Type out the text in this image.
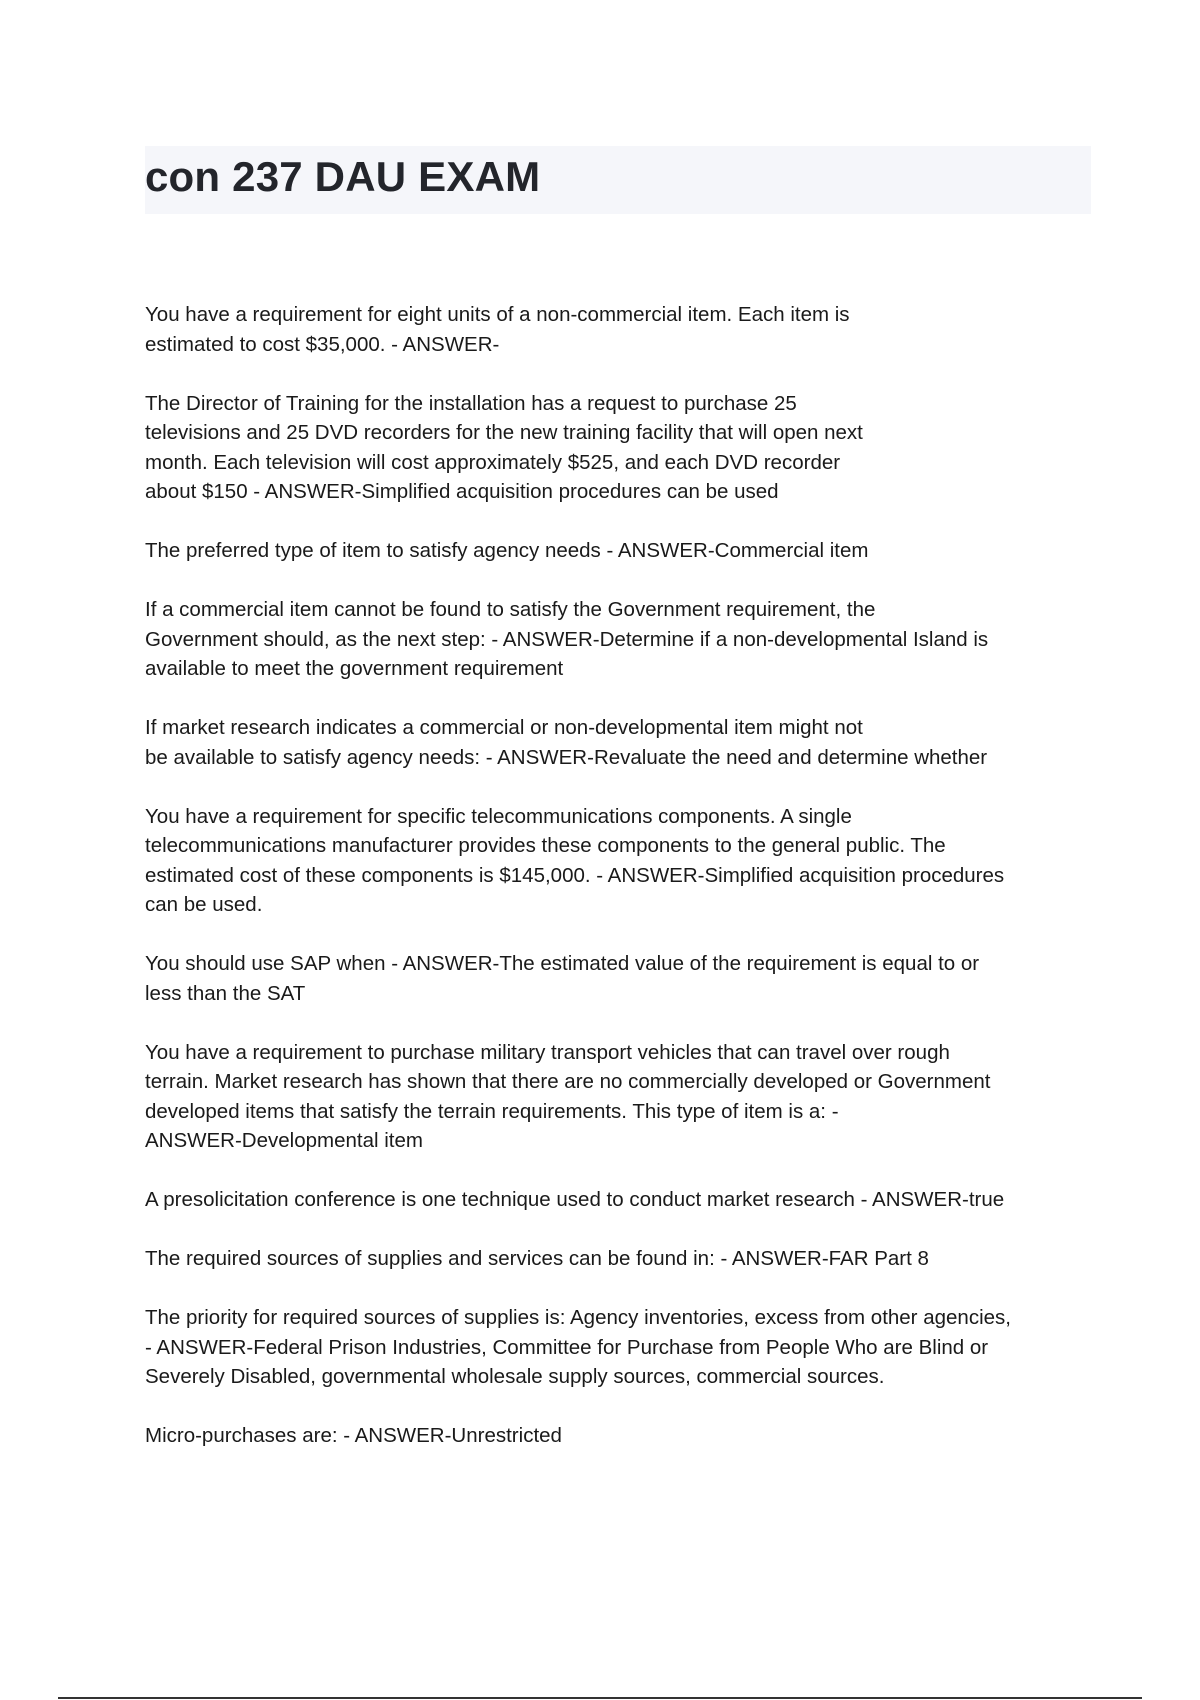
con 237 DAU EXAM
You have a requirement for eight units of a non-commercial item. Each item is
estimated to cost $35,000. - ANSWER-
The Director of Training for the installation has a request to purchase 25
televisions and 25 DVD recorders for the new training facility that will open next
month. Each television will cost approximately $525, and each DVD recorder
about $150 - ANSWER-Simplified acquisition procedures can be used
The preferred type of item to satisfy agency needs - ANSWER-Commercial item
If a commercial item cannot be found to satisfy the Government requirement, the
Government should, as the next step: - ANSWER-Determine if a non-developmental Island is
available to meet the government requirement
If market research indicates a commercial or non-developmental item might not
be available to satisfy agency needs: - ANSWER-Revaluate the need and determine whether
You have a requirement for specific telecommunications components. A single
telecommunications manufacturer provides these components to the general public. The
estimated cost of these components is $145,000. - ANSWER-Simplified acquisition procedures
can be used.
You should use SAP when - ANSWER-The estimated value of the requirement is equal to or
less than the SAT
You have a requirement to purchase military transport vehicles that can travel over rough
terrain. Market research has shown that there are no commercially developed or Government
developed items that satisfy the terrain requirements. This type of item is a: -
ANSWER-Developmental item
A presolicitation conference is one technique used to conduct market research - ANSWER-true
The required sources of supplies and services can be found in: - ANSWER-FAR Part 8
The priority for required sources of supplies is: Agency inventories, excess from other agencies,
- ANSWER-Federal Prison Industries, Committee for Purchase from People Who are Blind or
Severely Disabled, governmental wholesale supply sources, commercial sources.
Micro-purchases are: - ANSWER-Unrestricted
